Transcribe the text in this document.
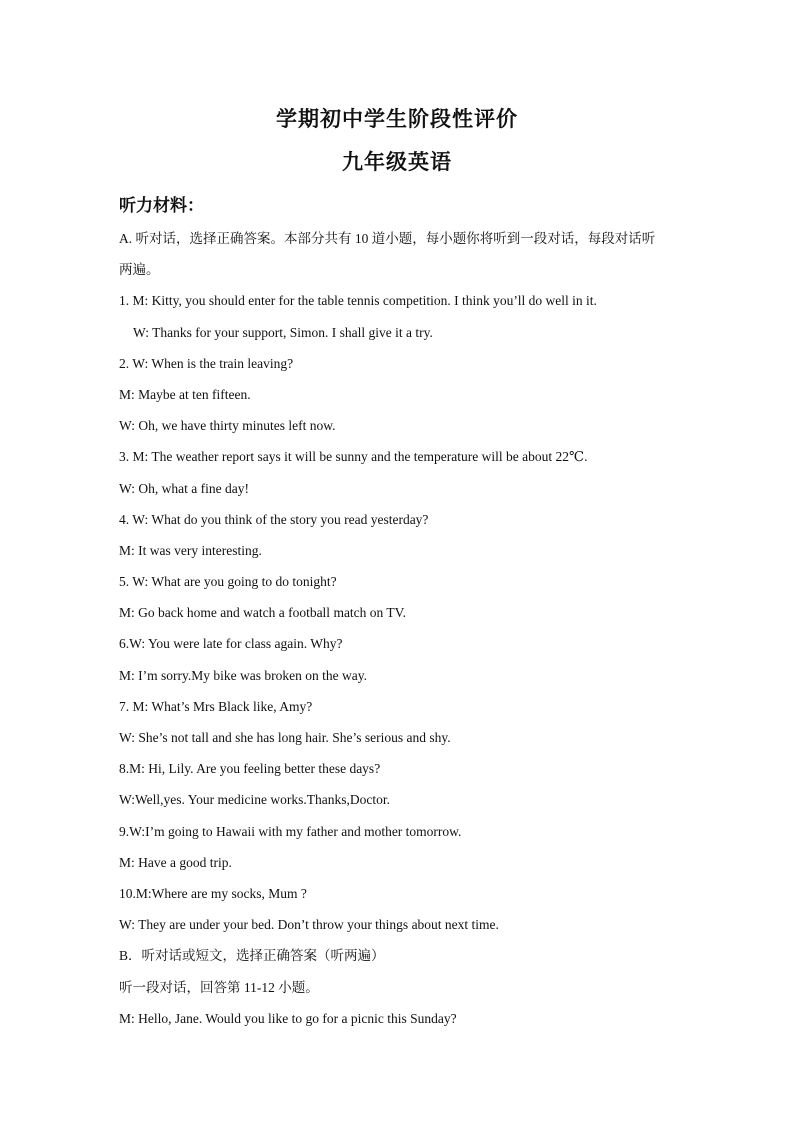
学期初中学生阶段性评价
九年级英语
听力材料：
A. 听对话，选择正确答案。本部分共有 10 道小题，每小题你将听到一段对话，每段对话听
两遍。
1. M: Kitty, you should enter for the table tennis competition. I think you’ll do well in it.
W: Thanks for your support, Simon. I shall give it a try.
2. W: When is the train leaving?
M: Maybe at ten fifteen.
W: Oh, we have thirty minutes left now.
3. M: The weather report says it will be sunny and the temperature will be about 22℃.
W: Oh, what a fine day!
4. W: What do you think of the story you read yesterday?
M: It was very interesting.
5. W: What are you going to do tonight?
M: Go back home and watch a football match on TV.
6.W: You were late for class again. Why?
M: I’m sorry.My bike was broken on the way.
7. M: What’s Mrs Black like, Amy?
W: She’s not tall and she has long hair. She’s serious and shy.
8.M: Hi, Lily. Are you feeling better these days?
W:Well,yes. Your medicine works.Thanks,Doctor.
9.W:I’m going to Hawaii with my father and mother tomorrow.
M: Have a good trip.
10.M:Where are my socks, Mum ?
W: They are under your bed. Don’t throw your things about next time.
B．听对话或短文，选择正确答案（听两遍）
听一段对话，回答第 11-12 小题。
M: Hello, Jane. Would you like to go for a picnic this Sunday?
